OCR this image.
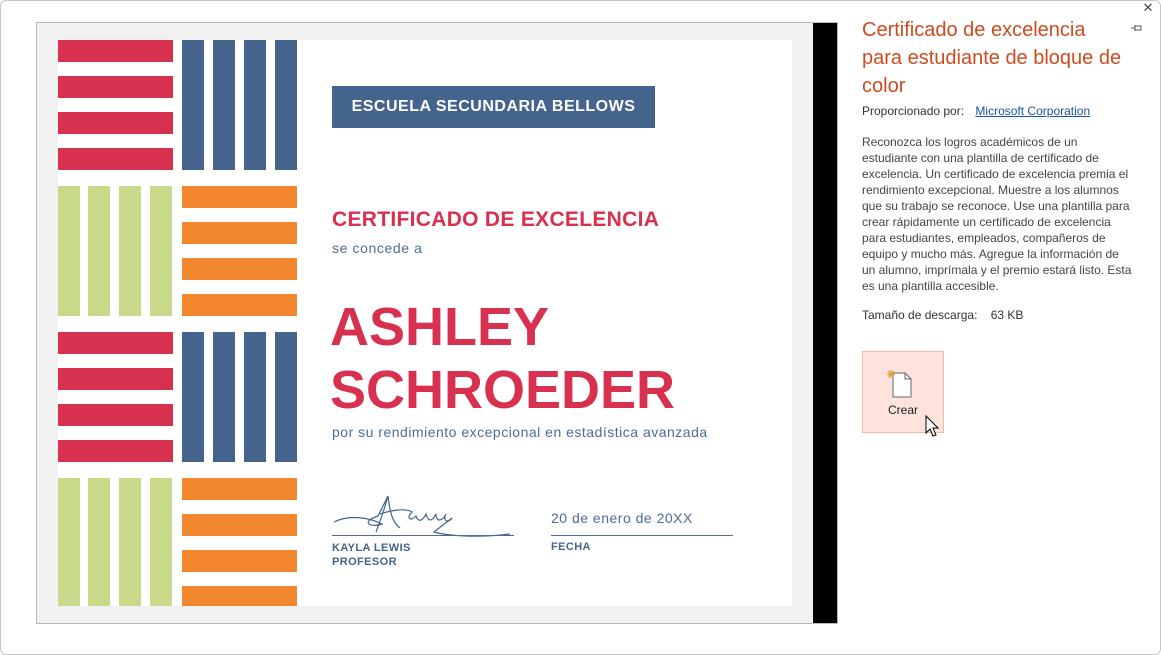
✕
ESCUELA SECUNDARIA BELLOWS
CERTIFICADO DE EXCELENCIA
se concede a
ASHLEY
SCHROEDER
por su rendimiento excepcional en estadística avanzada
KAYLA LEWIS
PROFESOR
20 de enero de 20XX
FECHA
Certificado de excelencia para estudiante de bloque de color
Proporcionado por: Microsoft Corporation
Reconozca los logros académicos de un estudiante con una plantilla de certificado de excelencia. Un certificado de excelencia premia el rendimiento excepcional. Muestre a los alumnos que su trabajo se reconoce. Use una plantilla para crear rápidamente un certificado de excelencia para estudiantes, empleados, compañeros de equipo y mucho más. Agregue la información de un alumno, imprímala y el premio estará listo. Esta es una plantilla accesible.
Tamaño de descarga: 63 KB
Crear
